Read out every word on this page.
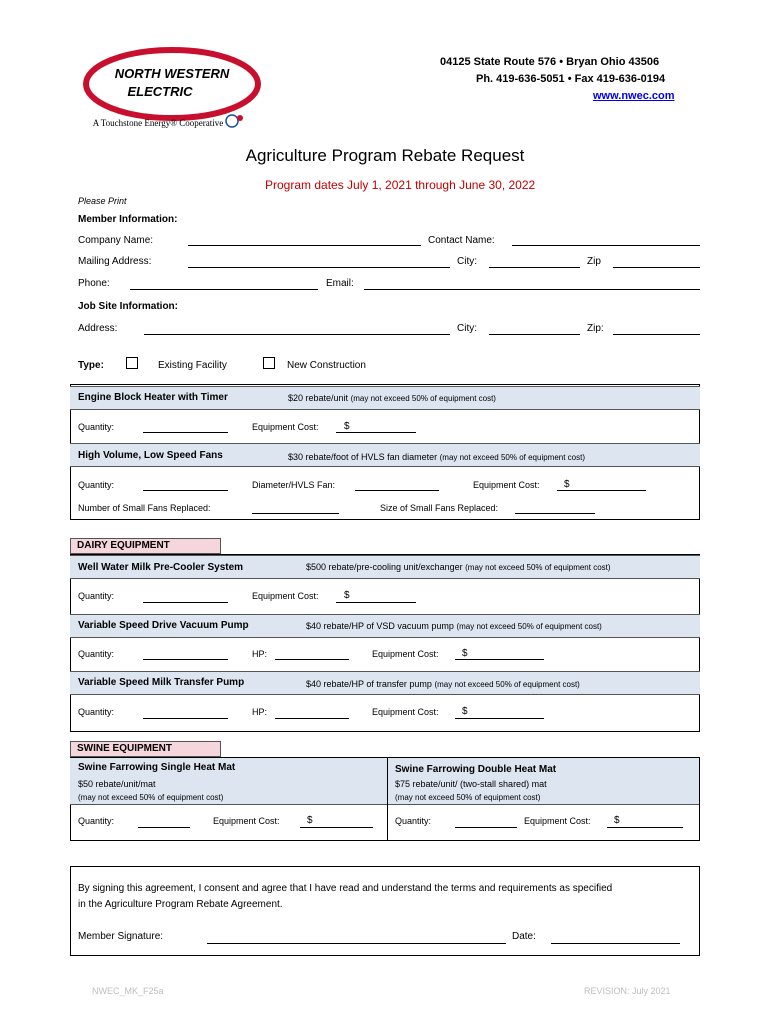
NORTH WESTERN
ELECTRIC
A Touchstone Energy® Cooperative
04125 State Route 576 • Bryan Ohio 43506
Ph. 419-636-5051 • Fax 419-636-0194
www.nwec.com
Agriculture Program Rebate Request
Program dates July 1, 2021 through June 30, 2022
Please Print
Member Information:
Company Name:	Contact Name:
Mailing Address:	City:	Zip
Phone:	Email:
Job Site Information:
Address:	City:	Zip:
Type:	Existing Facility	New Construction
Engine Block Heater with Timer	$20 rebate/unit (may not exceed 50% of equipment cost)
Quantity:	Equipment Cost:	$
High Volume, Low Speed Fans	$30 rebate/foot of HVLS fan diameter (may not exceed 50% of equipment cost)
Quantity:	Diameter/HVLS Fan:	Equipment Cost: $
Number of Small Fans Replaced:	Size of Small Fans Replaced:
DAIRY EQUIPMENT
Well Water Milk Pre-Cooler System	$500 rebate/pre-cooling unit/exchanger (may not exceed 50% of equipment cost)
Quantity:	Equipment Cost:	$
Variable Speed Drive Vacuum Pump	$40 rebate/HP of VSD vacuum pump (may not exceed 50% of equipment cost)
Quantity:	HP:	Equipment Cost: $
Variable Speed Milk Transfer Pump	$40 rebate/HP of transfer pump (may not exceed 50% of equipment cost)
Quantity:	HP:	Equipment Cost: $
SWINE EQUIPMENT
Swine Farrowing Single Heat Mat
$50 rebate/unit/mat
(may not exceed 50% of equipment cost)
Swine Farrowing Double Heat Mat
$75 rebate/unit/ (two-stall shared) mat
(may not exceed 50% of equipment cost)
Quantity:	Equipment Cost:	$	Quantity:	Equipment Cost: $
By signing this agreement, I consent and agree that I have read and understand the terms and requirements as specified
in the Agriculture Program Rebate Agreement.
Member Signature:	Date:
NWEC_MK_F25a	REVISION: July 2021
